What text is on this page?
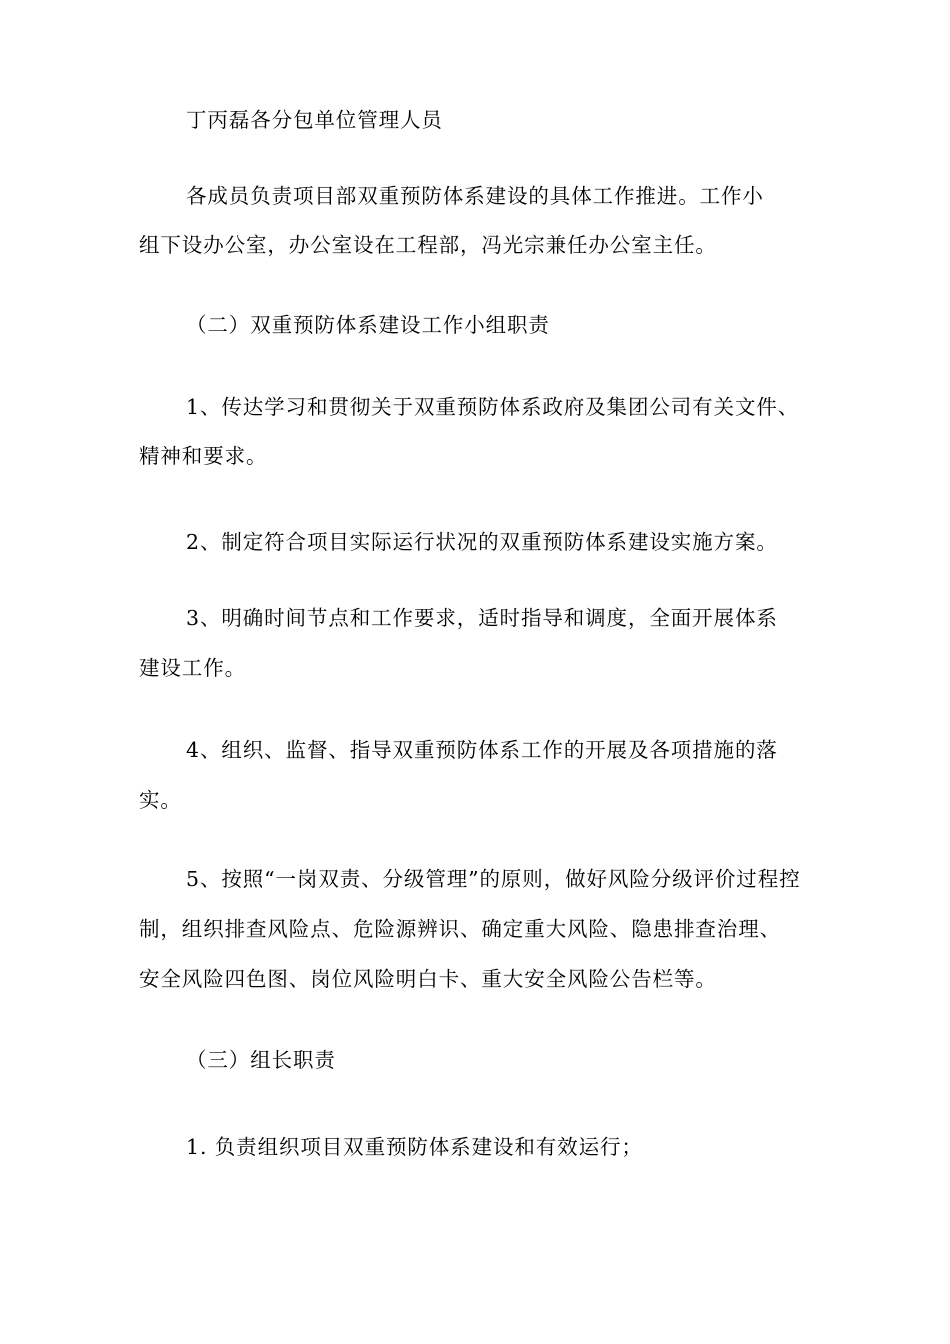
丁丙磊各分包单位管理人员
各成员负责项目部双重预防体系建设的具体工作推进。工作小
组下设办公室，办公室设在工程部，冯光宗兼任办公室主任。
（二）双重预防体系建设工作小组职责
1、传达学习和贯彻关于双重预防体系政府及集团公司有关文件、
精神和要求。
2、制定符合项目实际运行状况的双重预防体系建设实施方案。
3、明确时间节点和工作要求，适时指导和调度，全面开展体系
建设工作。
4、组织、监督、指导双重预防体系工作的开展及各项措施的落
实。
5、按照“一岗双责、分级管理”的原则，做好风险分级评价过程控
制，组织排查风险点、危险源辨识、确定重大风险、隐患排查治理、
安全风险四色图、岗位风险明白卡、重大安全风险公告栏等。
（三）组长职责
1. 负责组织项目双重预防体系建设和有效运行；
